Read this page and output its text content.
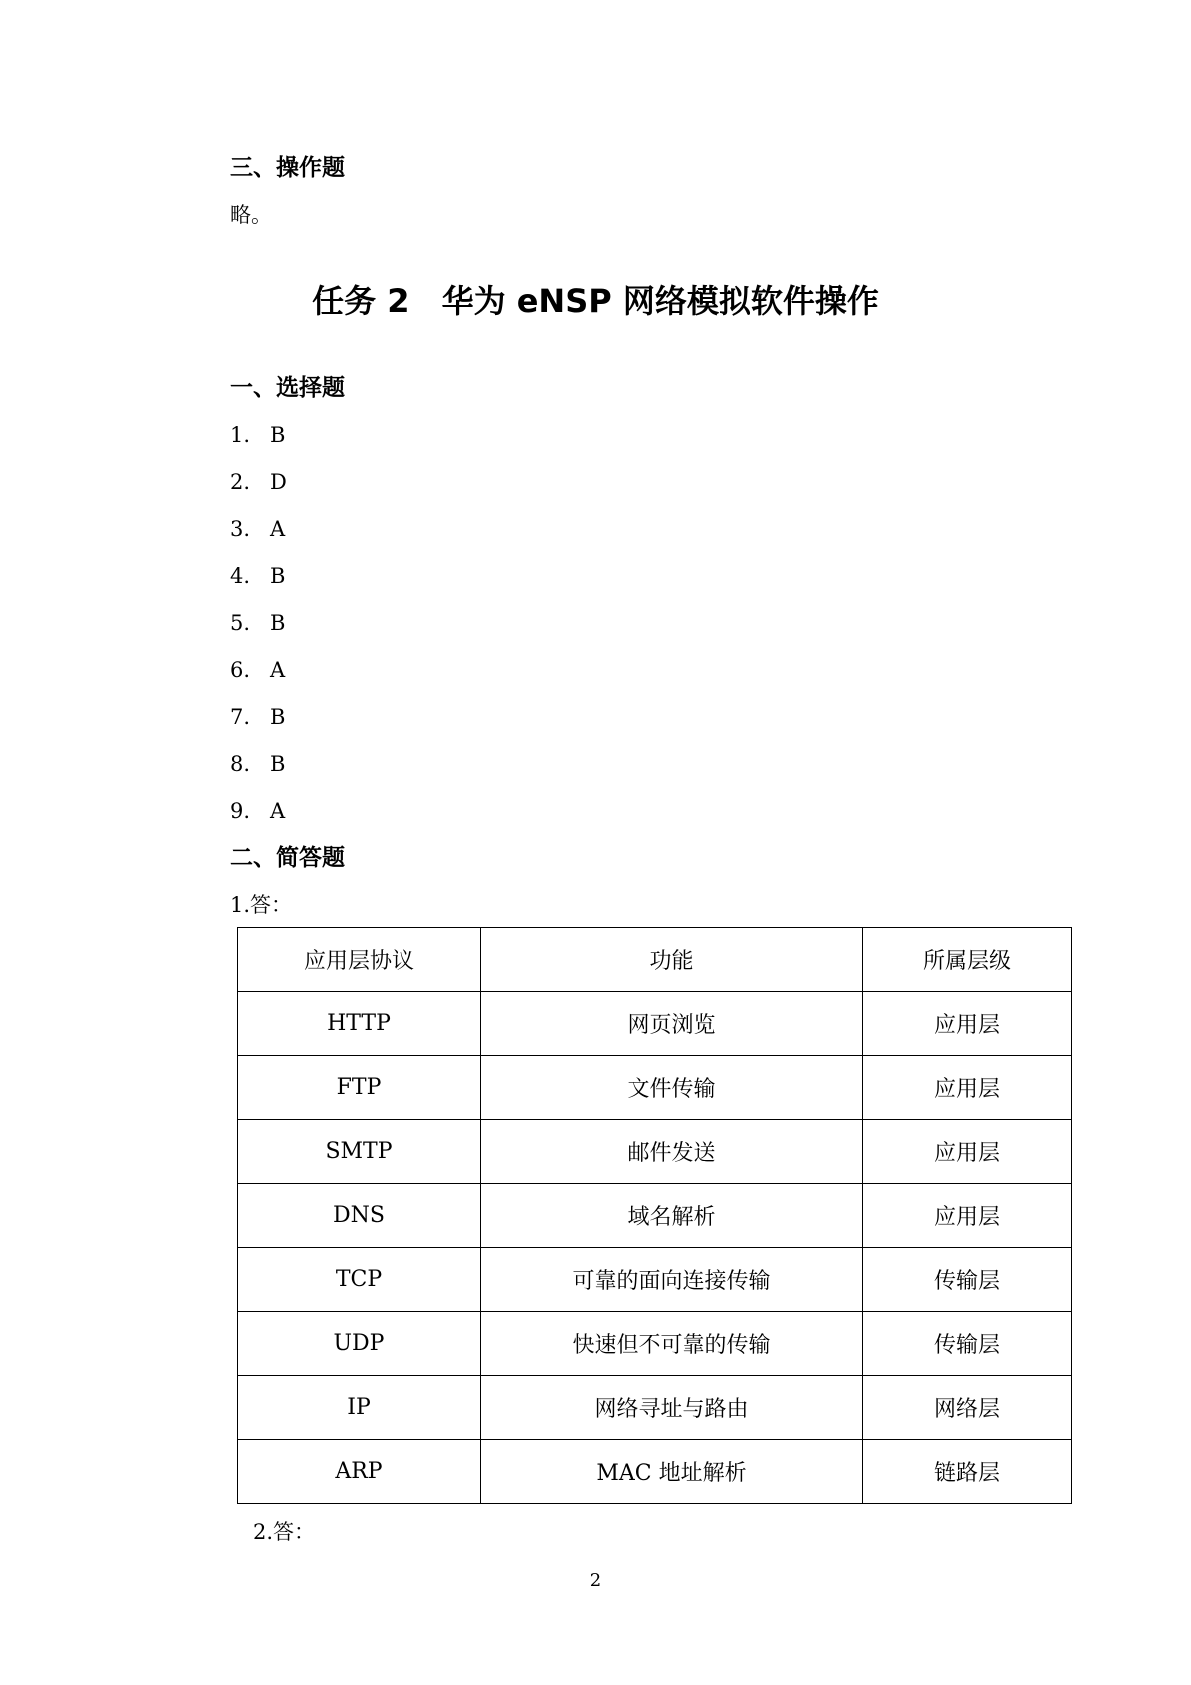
三、操作题
略。
任务 2　华为 eNSP 网络模拟软件操作
一、选择题
1. B
2. D
3. A
4. B
5. B
6. A
7. B
8. B
9. A
二、简答题
1.答：
应用层协议	功能	所属层级
HTTP	网页浏览	应用层
FTP	文件传输	应用层
SMTP	邮件发送	应用层
DNS	域名解析	应用层
TCP	可靠的面向连接传输	传输层
UDP	快速但不可靠的传输	传输层
IP	网络寻址与路由	网络层
ARP	MAC 地址解析	链路层
2.答：
2
